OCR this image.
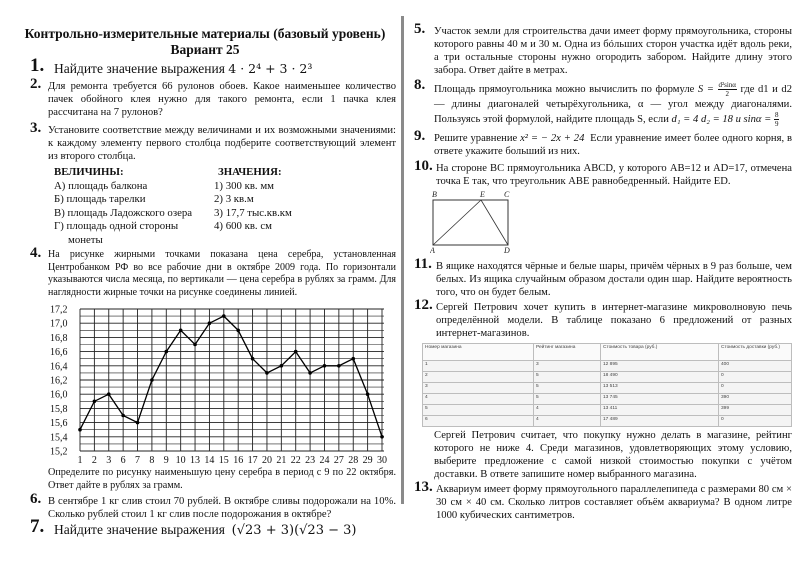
Контрольно-измерительные материалы (базовый уровень)
Вариант 25
1. Найдите значение выражения 4 · 2⁴ + 3 · 2³
2. Для ремонта требуется 66 рулонов обоев. Какое наименьшее количество пачек обойного клея нужно для такого ремонта, если 1 пачка клея рассчитана на 7 рулонов?
3. Установите соответствие между величинами и их возможными значениями: к каждому элементу первого столбца подберите соответствующий элемент из второго столбца.
ВЕЛИЧИНЫ:	ЗНАЧЕНИЯ:
А) площадь балкона	1) 300 кв. мм
Б) площадь тарелки	2) 3 кв.м
В) площадь Ладожского озера	3) 17,7 тыс.кв.км
Г) площадь одной стороны	4) 600 кв. см
монеты
4. На рисунке жирными точками показана цена серебра, установленная Центробанком РФ во все рабочие дни в октябре 2009 года. По горизонтали указываются числа месяца, по вертикали — цена серебра в рублях за грамм. Для наглядности жирные точки на рисунке соединены линией.
15,2
15,4
15,6
15,8
16,0
16,2
16,4
16,6
16,8
17,0
17,2
1 2 3 6 7 8 9 10 13 14 15 16 17 20 21 22 23 24 27 28 29 30
Определите по рисунку наименьшую цену серебра в период с 9 по 22 октября. Ответ дайте в рублях за грамм.
6. В сентябре 1 кг слив стоил 70 рублей. В октябре сливы подорожали на 10%. Сколько рублей стоил 1 кг слив после подорожания в октябре?
7. Найдите значение выражения (√23 + 3)(√23 − 3)
5. Участок земли для строительства дачи имеет форму прямоугольника, стороны которого равны 40 м и 30 м. Одна из бóльших сторон участка идёт вдоль реки, а три остальные стороны нужно огородить забором. Найдите длину этого забора. Ответ дайте в метрах.
8. Площадь прямоугольника можно вычислить по формуле $S = \frac{\text{d²sinα}}{2}$ где d1 и d2 — длины диагоналей четырёхугольника, α — угол между диагоналями. Пользуясь этой формулой, найдите площадь S, если d₁ = 4 d₂ = 18 и $\sin\alpha = \frac{8}{9}$
9. Решите уравнение x² = − 2x + 24 Если уравнение имеет более одного корня, в ответе укажите больший из них.
10. На стороне BC прямоугольника ABCD, у которого AB=12 и AD=17, отмечена точка E так, что треугольник ABE равнобедренный. Найдите ED.
B	E C
A	D
11. В ящике находятся чёрные и белые шары, причём чёрных в 9 раз больше, чем белых. Из ящика случайным образом достали один шар. Найдите вероятность того, что он будет белым.
12. Сергей Петрович хочет купить в интернет-магазине микроволновую печь определённой модели. В таблице показано 6 предложений от разных интернет-магазинов.
Номер магазина	Рейтинг магазина	Стоимость товара (руб.)	Стоимость доставки (руб.)
1	3	12 895	400
2	5	18 490	0
3	5	13 513	0
4	5	13 745	390
5	4	13 411	399
6	4	17 489	0
Сергей Петрович считает, что покупку нужно делать в магазине, рейтинг которого не ниже 4. Среди магазинов, удовлетворяющих этому условию, выберите предложение с самой низкой стоимостью покупки с учётом доставки. В ответе запишите номер выбранного магазина.
13. Аквариум имеет форму прямоугольного параллелепипеда с размерами 80 см × 30 см × 40 см. Сколько литров составляет объём аквариума? В одном литре 1000 кубических сантиметров.
